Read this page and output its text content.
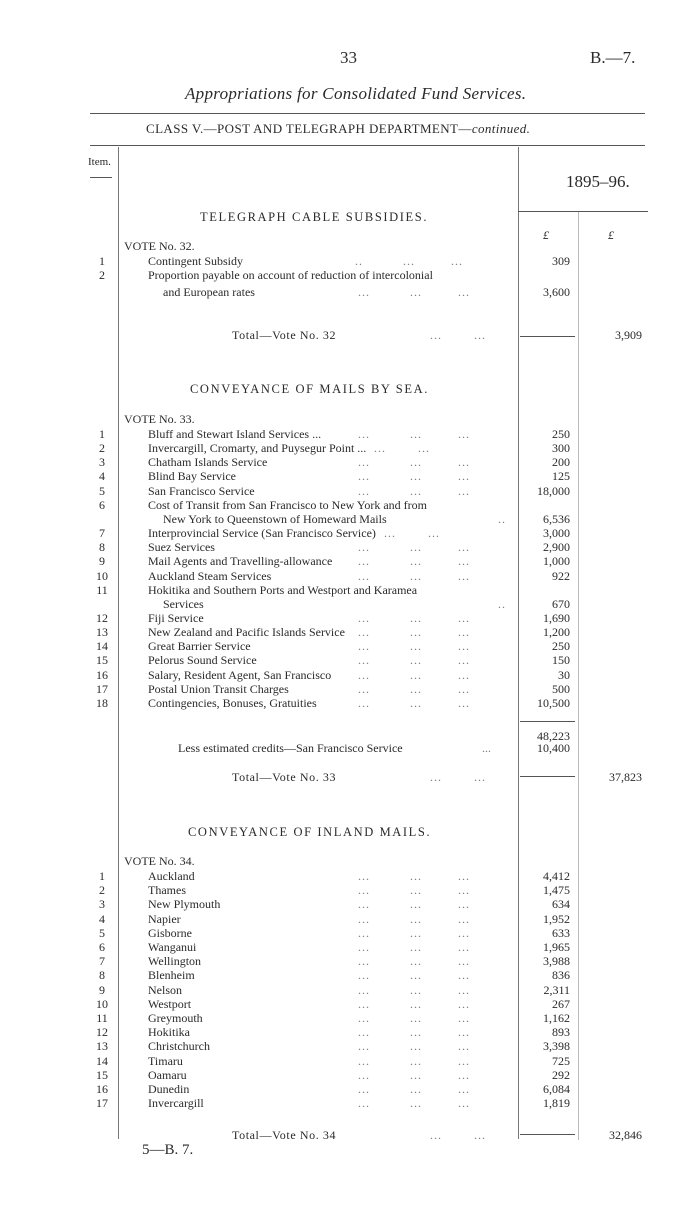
33	B.—7.
Appropriations for Consolidated Fund Services.
CLASS V.—POST AND TELEGRAPH DEPARTMENT—continued.
Item.
1895–96.
£	£
TELEGRAPH CABLE SUBSIDIES.
VOTE No. 32.
1	Contingent Subsidy	..          ...         ...	309
2	Proportion payable on account of reduction of intercolonial
and European rates	...          ...         ...	3,600
Total—Vote No. 32	...        ...	3,909
CONVEYANCE OF MAILS BY SEA.
VOTE No. 33.
1	Bluff and Stewart Island Services ...	...          ...         ...	250
2	Invercargill, Cromarty, and Puysegur Point ... ...        ...	300
3	Chatham Islands Service	...          ...         ...	200
4	Blind Bay Service	...          ...         ...	125
5	San Francisco Service	...          ...         ...	18,000
6	Cost of Transit from San Francisco to New York and from
New York to Queenstown of Homeward Mails	..	6,536
7	Interprovincial Service (San Francisco Service) ...        ...	3,000
8	Suez Services	...          ...         ...	2,900
9	Mail Agents and Travelling-allowance ...          ...         ...	1,000
10	Auckland Steam Services	...          ...         ...	922
11	Hokitika and Southern Ports and Westport and Karamea
Services	..	670
12	Fiji Service	...          ...         ...	1,690
13	New Zealand and Pacific Islands Service ...          ...         ...	1,200
14	Great Barrier Service	...          ...         ...	250
15	Pelorus Sound Service	...          ...         ...	150
16	Salary, Resident Agent, San Francisco ...          ...         ...	30
17	Postal Union Transit Charges	...          ...         ...	500
18	Contingencies, Bonuses, Gratuities	...          ...         ...	10,500
48,223
Less estimated credits—San Francisco Service	...	10,400
Total—Vote No. 33	...        ...	37,823
CONVEYANCE OF INLAND MAILS.
VOTE No. 34.
1	Auckland	...          ...         ...	4,412
2	Thames	...          ...         ...	1,475
3	New Plymouth	...          ...         ...	634
4	Napier	...          ...         ...	1,952
5	Gisborne	...          ...         ...	633
6	Wanganui	...          ...         ...	1,965
7	Wellington	...          ...         ...	3,988
8	Blenheim	...          ...         ...	836
9	Nelson	...          ...         ...	2,311
10	Westport	...          ...         ...	267
11	Greymouth	...          ...         ...	1,162
12	Hokitika	...          ...         ...	893
13	Christchurch	...          ...         ...	3,398
14	Timaru	...          ...         ...	725
15	Oamaru	...          ...         ...	292
16	Dunedin	...          ...         ...	6,084
17	Invercargill	...          ...         ...	1,819
Total—Vote No. 34	...        ...	32,846
5—B. 7.
